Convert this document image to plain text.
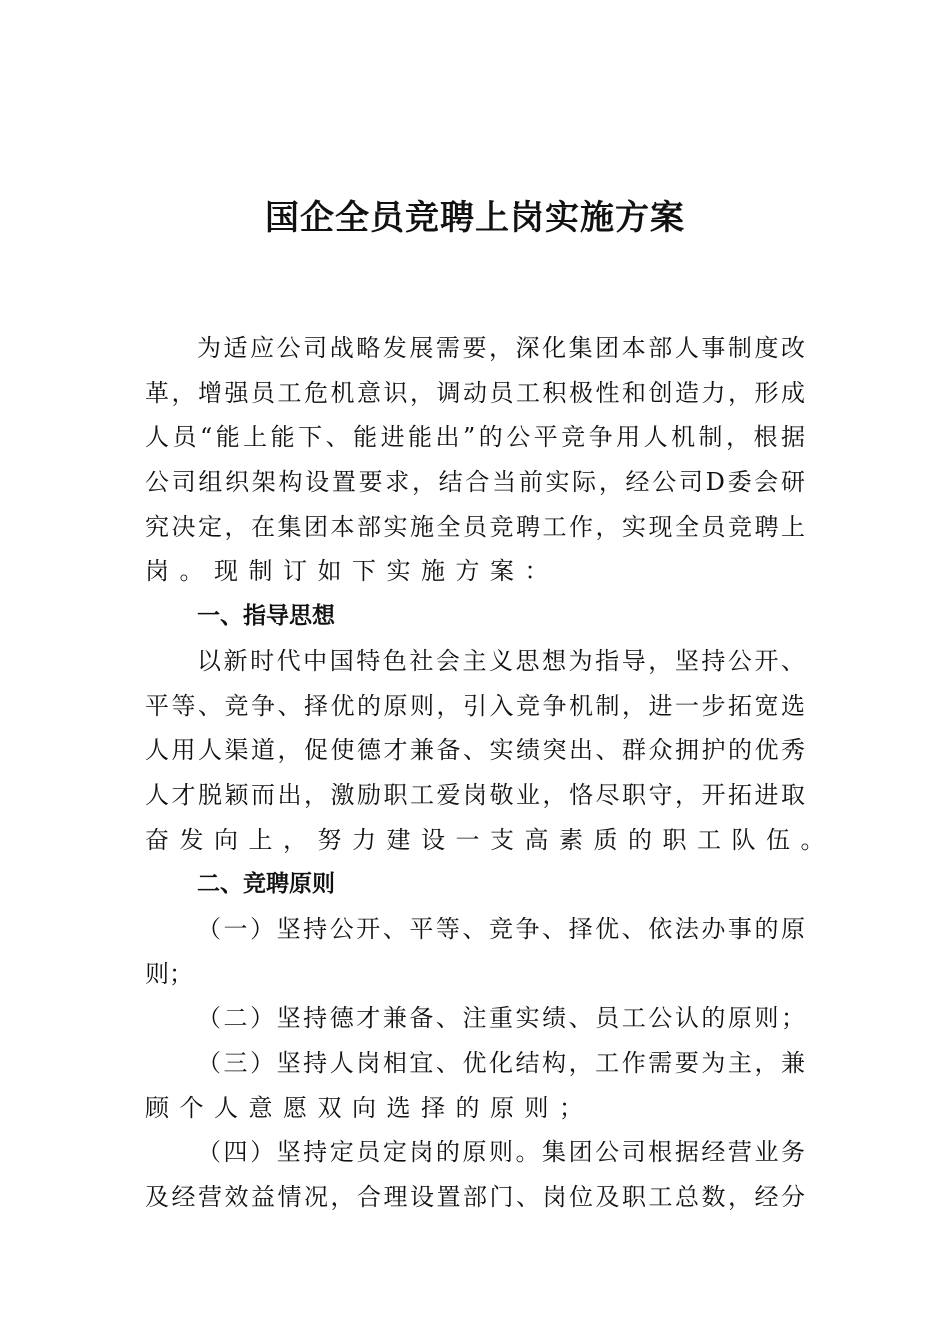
国企全员竞聘上岗实施方案
为适应公司战略发展需要，深化集团本部人事制度改
革，增强员工危机意识，调动员工积极性和创造力，形成
人员“能上能下、能进能出”的公平竞争用人机制，根据
公司组织架构设置要求，结合当前实际，经公司D委会研
究决定，在集团本部实施全员竞聘工作，实现全员竞聘上
岗。现制订如下实施方案：
一、指导思想
以新时代中国特色社会主义思想为指导，坚持公开、
平等、竞争、择优的原则，引入竞争机制，进一步拓宽选
人用人渠道，促使德才兼备、实绩突出、群众拥护的优秀
人才脱颖而出，激励职工爱岗敬业，恪尽职守，开拓进取
奋发向上，努力建设一支高素质的职工队伍。
二、竞聘原则
（一）坚持公开、平等、竞争、择优、依法办事的原
则；
（二）坚持德才兼备、注重实绩、员工公认的原则；
（三）坚持人岗相宜、优化结构，工作需要为主，兼
顾个人意愿双向选择的原则；
（四）坚持定员定岗的原则。集团公司根据经营业务
及经营效益情况，合理设置部门、岗位及职工总数，经分
